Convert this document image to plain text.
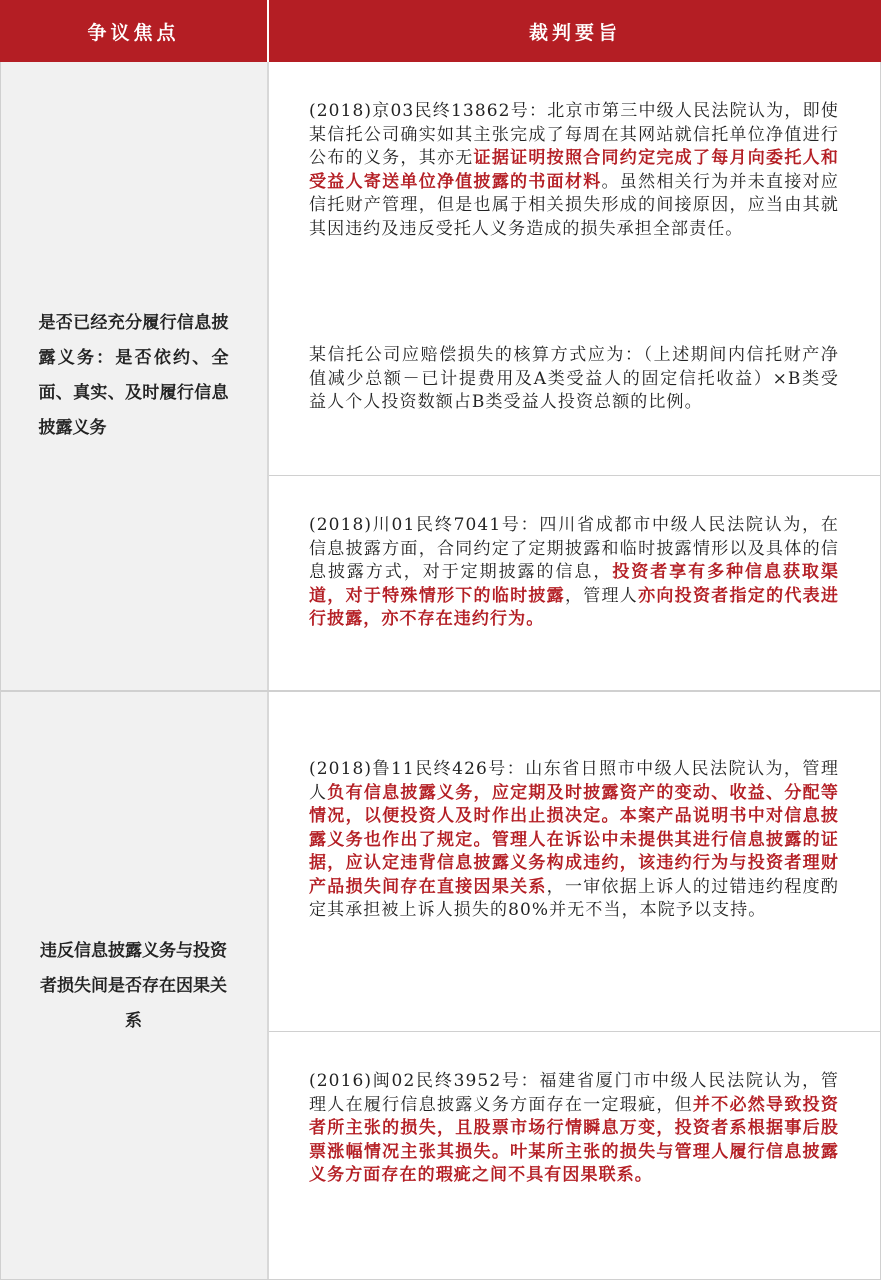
争议焦点	裁判要旨
是否已经充分履行信息披露义务：是否依约、全面、真实、及时履行信息披露义务

(2018)京03民终13862号：北京市第三中级人民法院认为，即使某信托公司确实如其主张完成了每周在其网站就信托单位净值进行公布的义务，其亦无证据证明按照合同约定完成了每月向委托人和受益人寄送单位净值披露的书面材料。虽然相关行为并未直接对应信托财产管理，但是也属于相关损失形成的间接原因，应当由其就其因违约及违反受托人义务造成的损失承担全部责任。

某信托公司应赔偿损失的核算方式应为：（上述期间内信托财产净值减少总额－已计提费用及A类受益人的固定信托收益）×B类受益人个人投资数额占B类受益人投资总额的比例。

(2018)川01民终7041号：四川省成都市中级人民法院认为，在信息披露方面，合同约定了定期披露和临时披露情形以及具体的信息披露方式，对于定期披露的信息，投资者享有多种信息获取渠道，对于特殊情形下的临时披露，管理人亦向投资者指定的代表进行披露，亦不存在违约行为。

违反信息披露义务与投资者损失间是否存在因果关系

(2018)鲁11民终426号：山东省日照市中级人民法院认为，管理人负有信息披露义务，应定期及时披露资产的变动、收益、分配等情况，以便投资人及时作出止损决定。本案产品说明书中对信息披露义务也作出了规定。管理人在诉讼中未提供其进行信息披露的证据，应认定违背信息披露义务构成违约，该违约行为与投资者理财产品损失间存在直接因果关系，一审依据上诉人的过错违约程度酌定其承担被上诉人损失的80%并无不当，本院予以支持。

(2016)闽02民终3952号：福建省厦门市中级人民法院认为，管理人在履行信息披露义务方面存在一定瑕疵，但并不必然导致投资者所主张的损失，且股票市场行情瞬息万变，投资者系根据事后股票涨幅情况主张其损失。叶某所主张的损失与管理人履行信息披露义务方面存在的瑕疵之间不具有因果联系。
